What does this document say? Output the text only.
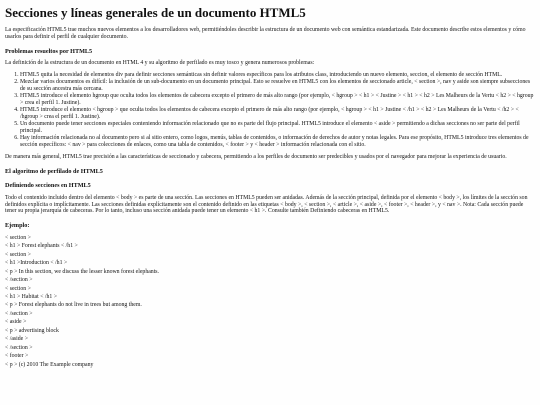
Secciones y líneas generales de un documento HTML5

La especificación HTML5 trae muchos nuevos elementos a los desarrolladores web, permitiéndoles describir la estructura de un documento web con semántica estandarizada. Este documento describe estos elementos y cómo usarlos para definir el perfil de cualquier documento.

Problemas resueltos por HTML5

La definición de la estructura de un documento en HTML 4 y su algoritmo de perfilado es muy tosco y genera numerosos problemas:

1. HTML5 quita la necesidad de elementos div para definir secciones semánticas sin definir valores específicos para los atributos class, introduciendo un nuevo elemento, seccion, el elemento de sección HTML.
2. Mezclar varios documentos es difícil: la inclusión de un sub-documento en un documento principal. Esto se resuelve en HTML5 con los elementos de seccionado article, < section >, nav y aside son siempre subsecciones de su sección ancestra más cercana.
3. HTML5 introduce el elemento hgroup que oculta todos los elementos de cabecera excepto el primero de más alto rango (por ejemplo, < hgroup > < h1 > < Justine > < h1 > < h2 > Les Malheurs de la Vertu < h2 > < hgroup > crea el perfil 1. Justine).
4. HTML5 introduce el elemento < hgroup > que oculta todos los elementos de cabecera excepto el primero de más alto rango (por ejemplo, < hgroup > < h1 > Justine < /h1 > < h2 > Les Malheurs de la Vertu < /h2 > < /hgroup > crea el perfil 1. Justine).
5. Un documento puede tener secciones especiales conteniendo información relacionado que no es parte del flujo principal. HTML5 introduce el elemento < aside > permitiendo a dichas secciones no ser parte del perfil principal.
6. Hay información relacionada no al documento pero si al sitio entero, como logos, menús, tablas de contenidos, o información de derechos de autor y notas legales. Para ese propósito, HTML5 introduce tres elementos de sección específicos: < nav > para colecciones de enlaces, como una tabla de contenidos, < footer > y < header > información relacionada con el sitio.

De manera más general, HTML5 trae precisión a las características de seccionado y cabecera, permitiendo a los perfiles de documento ser predecibles y usados por el navegador para mejorar la experiencia de usuario.

El algoritmo de perfilado de HTML5
Definiendo secciones en HTML5

Todo el contenido incluido dentro del elemento < body > es parte de una sección. Las secciones en HTML5 pueden ser anidadas. Además de la sección principal, definida por el elemento < body >, los límites de la sección son definidos explícita o implícitamente. Las secciones definidas explícitamente son el contenido definido en las etiquetas < body >, < section >, < article >, < aside >, < footer >, < header >, y < nav >. Nota: Cada sección puede tener su propia jerarquía de cabeceras. Por lo tanto, incluso una sección anidada puede tener un elemento < h1 >. Consulte también Definiendo cabeceras en HTML5.

Ejemplo:
< section >
< h1 > Forest elephants < /h1 >
< section >
< h1 >Introduction < /h1 >
< p > In this section, we discuss the lesser known forest elephants.
< /section >
< section >
< h1 > Habitat < /h1 >
< p > Forest elephants do not live in trees but among them.
< /section >
< aside >
< p > advertising block
< /aside >
< /section >
< footer >
< p > (c) 2010 The Example company
